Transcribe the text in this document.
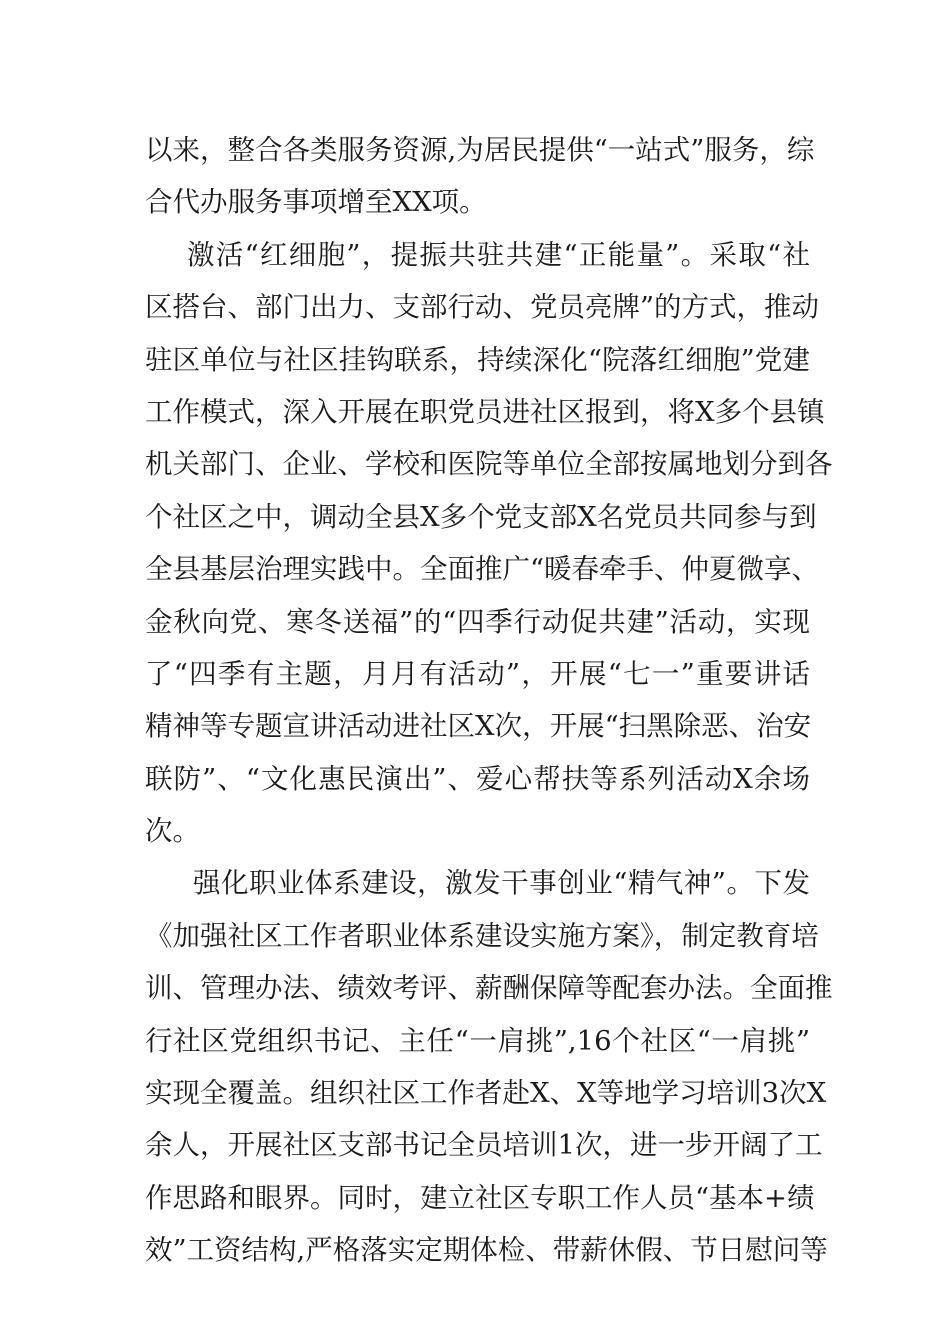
以来，整合各类服务资源,为居民提供“一站式”服务，综
合代办服务事项增至XX项。
激活“红细胞”，提振共驻共建“正能量”。采取“社
区搭台、部门出力、支部行动、党员亮牌”的方式，推动
驻区单位与社区挂钩联系，持续深化“院落红细胞”党建
工作模式，深入开展在职党员进社区报到，将X多个县镇
机关部门、企业、学校和医院等单位全部按属地划分到各
个社区之中，调动全县X多个党支部X名党员共同参与到
全县基层治理实践中。全面推广“暖春牵手、仲夏微享、
金秋向党、寒冬送福”的“四季行动促共建”活动，实现
了“四季有主题，月月有活动”，开展“七一”重要讲话
精神等专题宣讲活动进社区X次，开展“扫黑除恶、治安
联防”、“文化惠民演出”、爱心帮扶等系列活动X余场
次。
强化职业体系建设，激发干事创业“精气神”。下发
《加强社区工作者职业体系建设实施方案》，制定教育培
训、管理办法、绩效考评、薪酬保障等配套办法。全面推
行社区党组织书记、主任“一肩挑”,16个社区“一肩挑”
实现全覆盖。组织社区工作者赴X、X等地学习培训3次X
余人，开展社区支部书记全员培训1次，进一步开阔了工
作思路和眼界。同时，建立社区专职工作人员“基本+绩
效”工资结构,严格落实定期体检、带薪休假、节日慰问等
